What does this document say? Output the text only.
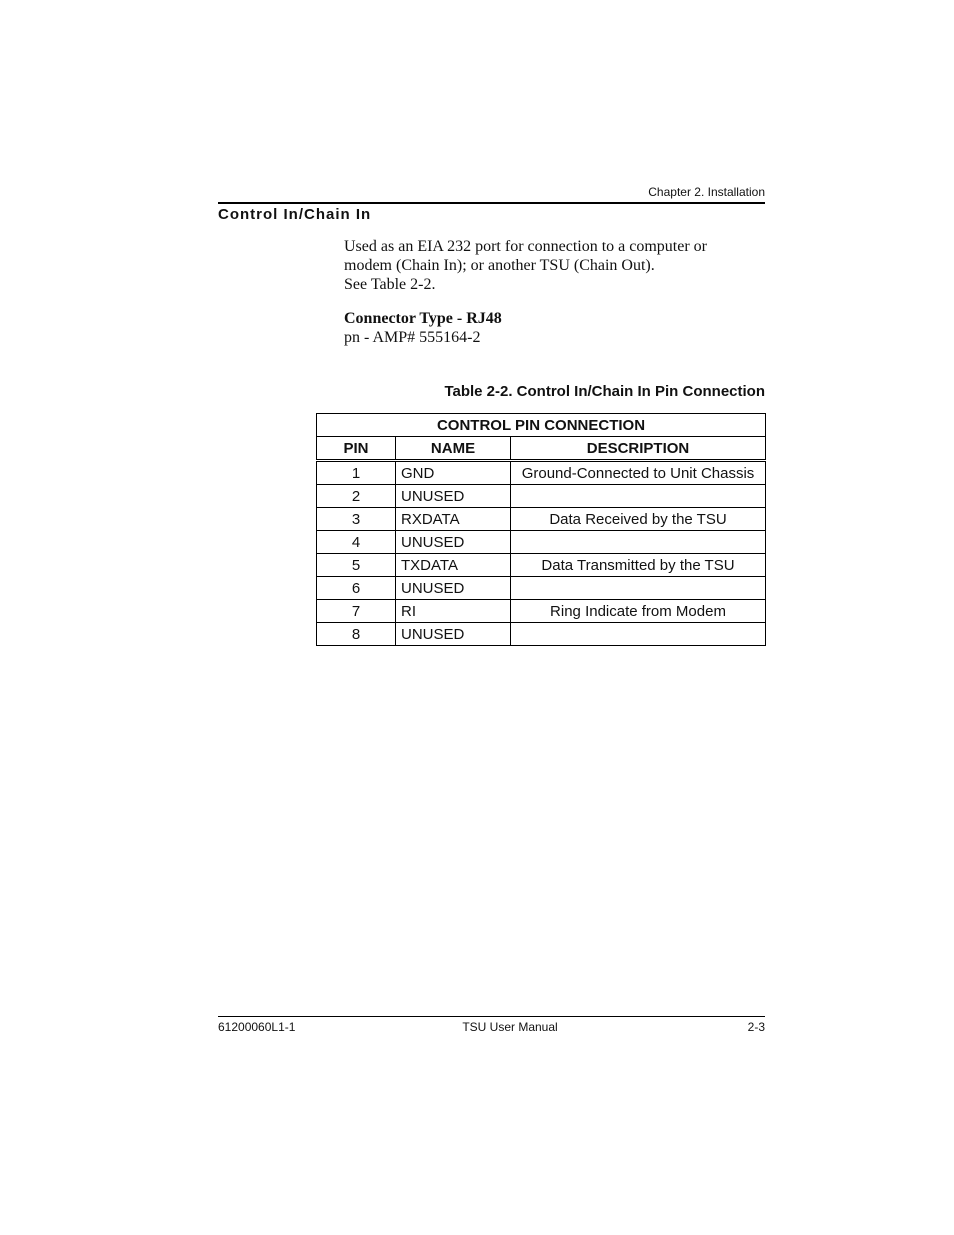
Chapter 2. Installation
Control In/Chain In

Used as an EIA 232 port for connection to a computer or

modem (Chain In); or another TSU (Chain Out).

See Table 2-2.

Connector Type - RJ48

pn - AMP# 555164-2

Table 2-2. Control In/Chain In Pin Connection
CONTROL PIN CONNECTION		
PIN	NAME	DESCRIPTION
1	GND	Ground-Connected to Unit Chassis
2	UNUSED	
3	RXDATA	Data Received by the TSU
4	UNUSED	
5	TXDATA	Data Transmitted by the TSU
6	UNUSED	
7	RI	Ring Indicate from Modem
8	UNUSED	
61200060L1-1	TSU User Manual	2-3
